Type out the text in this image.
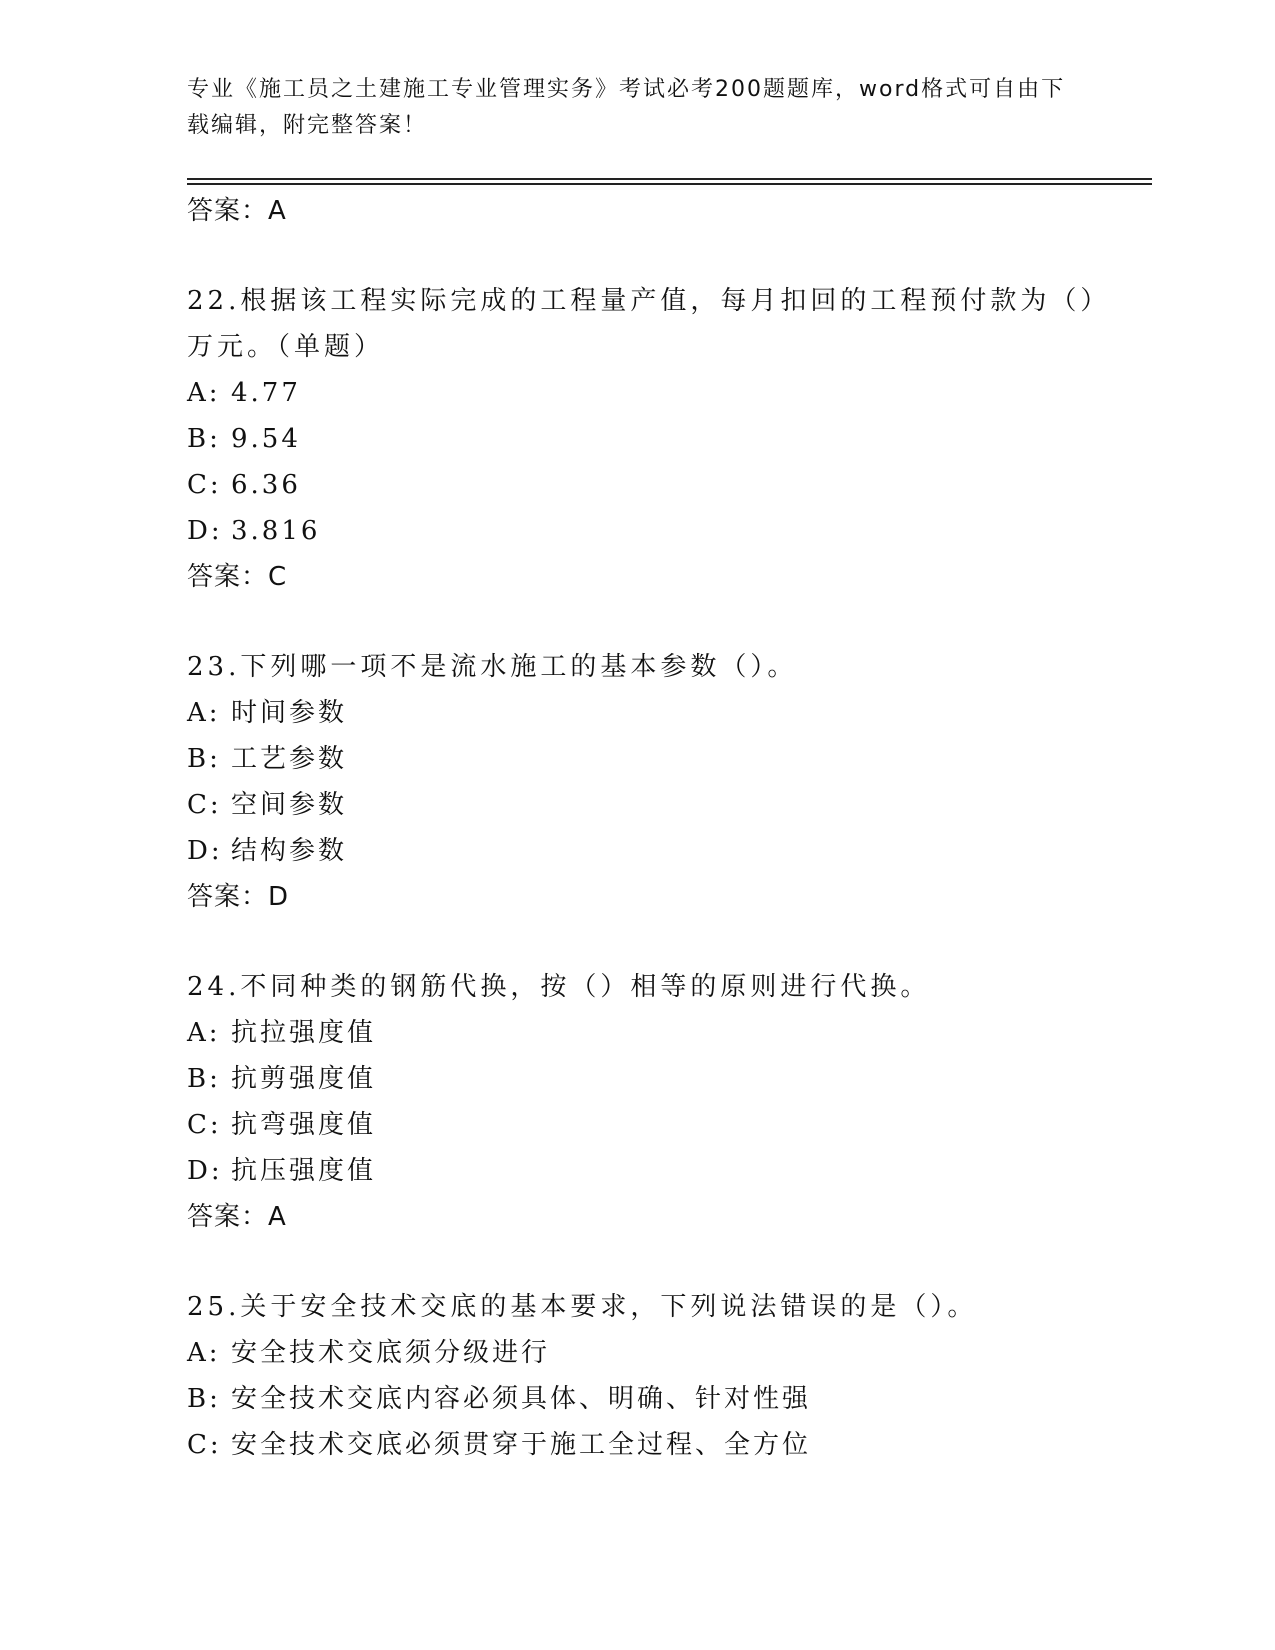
专业《施工员之土建施工专业管理实务》考试必考200题题库，word格式可自由下载编辑，附完整答案！
答案：A
22.根据该工程实际完成的工程量产值，每月扣回的工程预付款为（）万元。（单题）
A: 4.77
B: 9.54
C: 6.36
D: 3.816
答案：C
23.下列哪一项不是流水施工的基本参数（）。
A: 时间参数
B: 工艺参数
C: 空间参数
D: 结构参数
答案：D
24.不同种类的钢筋代换，按（）相等的原则进行代换。
A: 抗拉强度值
B: 抗剪强度值
C: 抗弯强度值
D: 抗压强度值
答案：A
25.关于安全技术交底的基本要求，下列说法错误的是（）。
A: 安全技术交底须分级进行
B: 安全技术交底内容必须具体、明确、针对性强
C: 安全技术交底必须贯穿于施工全过程、全方位
